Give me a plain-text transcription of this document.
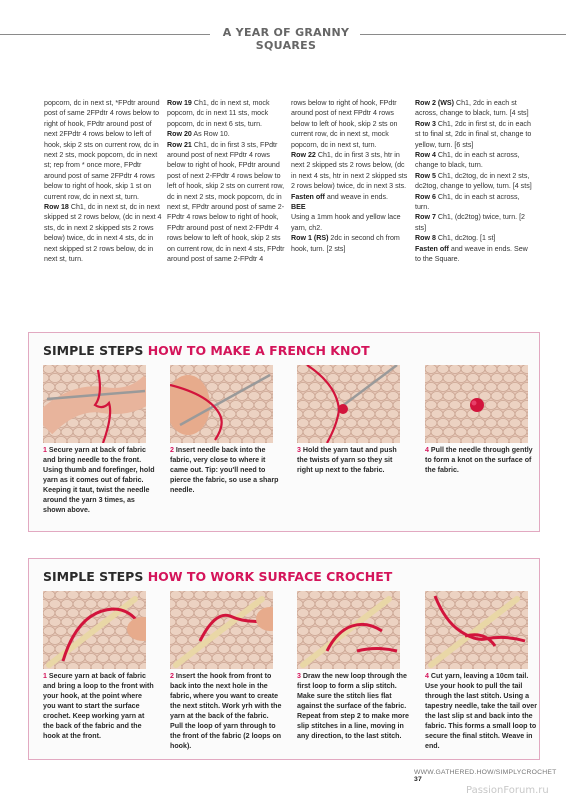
A YEAR OF GRANNY SQUARES

popcorn, dc in next st, *FPdtr around post of same 2FPdtr 4 rows below to right of hook, FPdtr around post of next 2FPdtr 4 rows below to left of hook, skip 2 sts on current row, dc in next 2 sts, mock popcorn, dc in next st; rep from * once more, FPdtr around post of same 2FPdtr 4 rows below to right of hook, skip 1 st on current row, dc in next st, turn.

Row 18 Ch1, dc in next st, dc in next skipped st 2 rows below, (dc in next 4 sts, dc in next 2 skipped sts 2 rows below) twice, dc in next 4 sts, dc in next skipped st 2 rows below, dc in next st, turn.

Row 19 Ch1, dc in next st, mock popcorn, dc in next 11 sts, mock popcorn, dc in next 6 sts, turn.

Row 20 As Row 10.

Row 21 Ch1, dc in first 3 sts, FPdtr around post of next FPdtr 4 rows below to right of hook, FPdtr around post of next 2-FPdtr 4 rows below to left of hook, skip 2 sts on current row, dc in next 2 sts, mock popcorn, dc in next st, FPdtr around post of same 2-FPdtr 4 rows below to right of hook, FPdtr around post of next 2-FPdtr 4 rows below to left of hook, skip 2 sts on current row, dc in next 4 sts, FPdtr around post of same 2-FPdtr 4

rows below to right of hook, FPdtr around post of next FPdtr 4 rows below to left of hook, skip 2 sts on current row, dc in next st, mock popcorn, dc in next st, turn.

Row 22 Ch1, dc in first 3 sts, htr in next 2 skipped sts 2 rows below, (dc in next 4 sts, htr in next 2 skipped sts 2 rows below) twice, dc in next 3 sts.

Fasten off and weave in ends.

BEE

Using a 1mm hook and yellow lace yarn, ch2.

Row 1 (RS) 2dc in second ch from hook, turn. [2 sts]

Row 2 (WS) Ch1, 2dc in each st across, change to black, turn. [4 sts]

Row 3 Ch1, 2dc in first st, dc in each st to final st, 2dc in final st, change to yellow, turn. [6 sts]

Row 4 Ch1, dc in each st across, change to black, turn.

Row 5 Ch1, dc2tog, dc in next 2 sts, dc2tog, change to yellow, turn. [4 sts]

Row 6 Ch1, dc in each st across, turn.

Row 7 Ch1, (dc2tog) twice, turn. [2 sts]

Row 8 Ch1, dc2tog. [1 st]

Fasten off and weave in ends. Sew to the Square.

SIMPLE STEPS HOW TO MAKE A FRENCH KNOT
1 Secure yarn at back of fabric and bring needle to the front. Using thumb and forefinger, hold yarn as it comes out of fabric. Keeping it taut, twist the needle around the yarn 3 times, as shown above.
2 Insert needle back into the fabric, very close to where it came out. Tip: you'll need to pierce the fabric, so use a sharp needle.
3 Hold the yarn taut and push the twists of yarn so they sit right up next to the fabric.
4 Pull the needle through gently to form a knot on the surface of the fabric.
SIMPLE STEPS HOW TO WORK SURFACE CROCHET
1 Secure yarn at back of fabric and bring a loop to the front with your hook, at the point where you want to start the surface crochet. Keep working yarn at the back of the fabric and the hook at the front.
2 Insert the hook from front to back into the next hole in the fabric, where you want to create the next stitch. Work yrh with the yarn at the back of the fabric. Pull the loop of yarn through to the front of the fabric (2 loops on hook).
3 Draw the new loop through the first loop to form a slip stitch. Make sure the stitch lies flat against the surface of the fabric. Repeat from step 2 to make more slip stitches in a line, moving in any direction, to the last stitch.
4 Cut yarn, leaving a 10cm tail. Use your hook to pull the tail through the last stitch. Using a tapestry needle, take the tail over the last slip st and back into the fabric. This forms a small loop to secure the final stitch. Weave in end.
WWW.GATHERED.HOW/SIMPLYCROCHET 37
PassionForum.ru
